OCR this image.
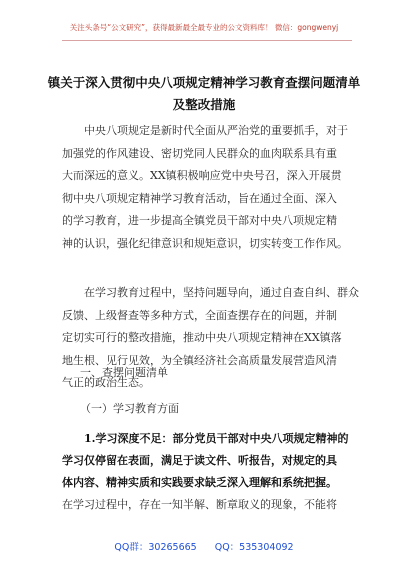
关注头条号“公文研究”，获得最新最全最专业的公文资料库！ 微信：gongwenyj
镇关于深入贯彻中央八项规定精神学习教育查摆问题清单
及整改措施
中央八项规定是新时代全面从严治党的重要抓手，对于
加强党的作风建设、密切党同人民群众的血肉联系具有重
大而深远的意义。XX镇积极响应党中央号召，深入开展贯
彻中央八项规定精神学习教育活动，旨在通过全面、深入
的学习教育，进一步提高全镇党员干部对中央八项规定精
神的认识，强化纪律意识和规矩意识，切实转变工作作风。
在学习教育过程中，坚持问题导向，通过自查自纠、群众
反馈、上级督查等多种方式，全面查摆存在的问题，并制
定切实可行的整改措施，推动中央八项规定精神在XX镇落
地生根、见行见效，为全镇经济社会高质量发展营造风清
气正的政治生态。
一、查摆问题清单
（一）学习教育方面
1.学习深度不足：部分党员干部对中央八项规定精神的
学习仅停留在表面，满足于读文件、听报告，对规定的具
体内容、精神实质和实践要求缺乏深入理解和系统把握。
在学习过程中，存在一知半解、断章取义的现象，不能将
QQ群：30265665 QQ：535304092
